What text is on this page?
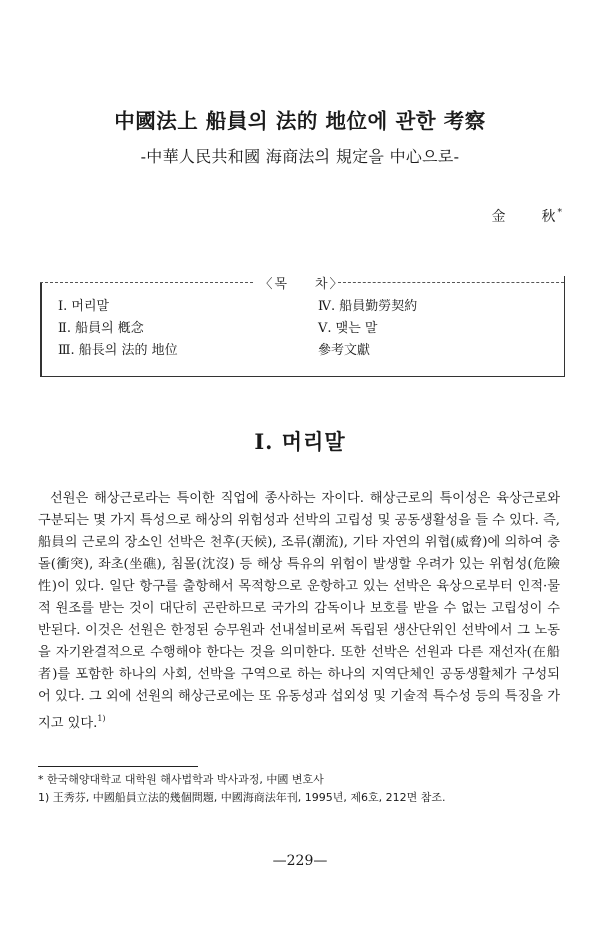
中國法上 船員의 法的 地位에 관한 考察
-中華人民共和國 海商法의 規定을 中心으로-
金 秋*
〈목 차〉
Ⅰ. 머리말
Ⅱ. 船員의 槪念
Ⅲ. 船長의 法的 地位
Ⅳ. 船員勤勞契約
Ⅴ. 맺는 말
參考文獻
Ⅰ. 머리말
선원은 해상근로라는 특이한 직업에 종사하는 자이다. 해상근로의 특이성은 육상근로와 구분되는 몇 가지 특성으로 해상의 위험성과 선박의 고립성 및 공동생활성을 들 수 있다. 즉, 船員의 근로의 장소인 선박은 천후(天候), 조류(潮流), 기타 자연의 위협(威脅)에 의하여 충돌(衝突), 좌초(坐礁), 침몰(沈沒) 등 해상 특유의 위험이 발생할 우려가 있는 위험성(危險性)이 있다. 일단 항구를 출항해서 목적항으로 운항하고 있는 선박은 육상으로부터 인적·물적 원조를 받는 것이 대단히 곤란하므로 국가의 감독이나 보호를 받을 수 없는 고립성이 수반된다. 이것은 선원은 한정된 승무원과 선내설비로써 독립된 생산단위인 선박에서 그 노동을 자기완결적으로 수행해야 한다는 것을 의미한다. 또한 선박은 선원과 다른 재선자(在船者)를 포함한 하나의 사회, 선박을 구역으로 하는 하나의 지역단체인 공동생활체가 구성되어 있다. 그 외에 선원의 해상근로에는 또 유동성과 섭외성 및 기술적 특수성 등의 특징을 가지고 있다.$^{1)}$
* 한국해양대학교 대학원 해사법학과 박사과정, 中國 변호사
1) 王秀芬, 中國船員立法的幾個問題, 中國海商法年刊, 1995년, 제6호, 212면 참조.
—229—
